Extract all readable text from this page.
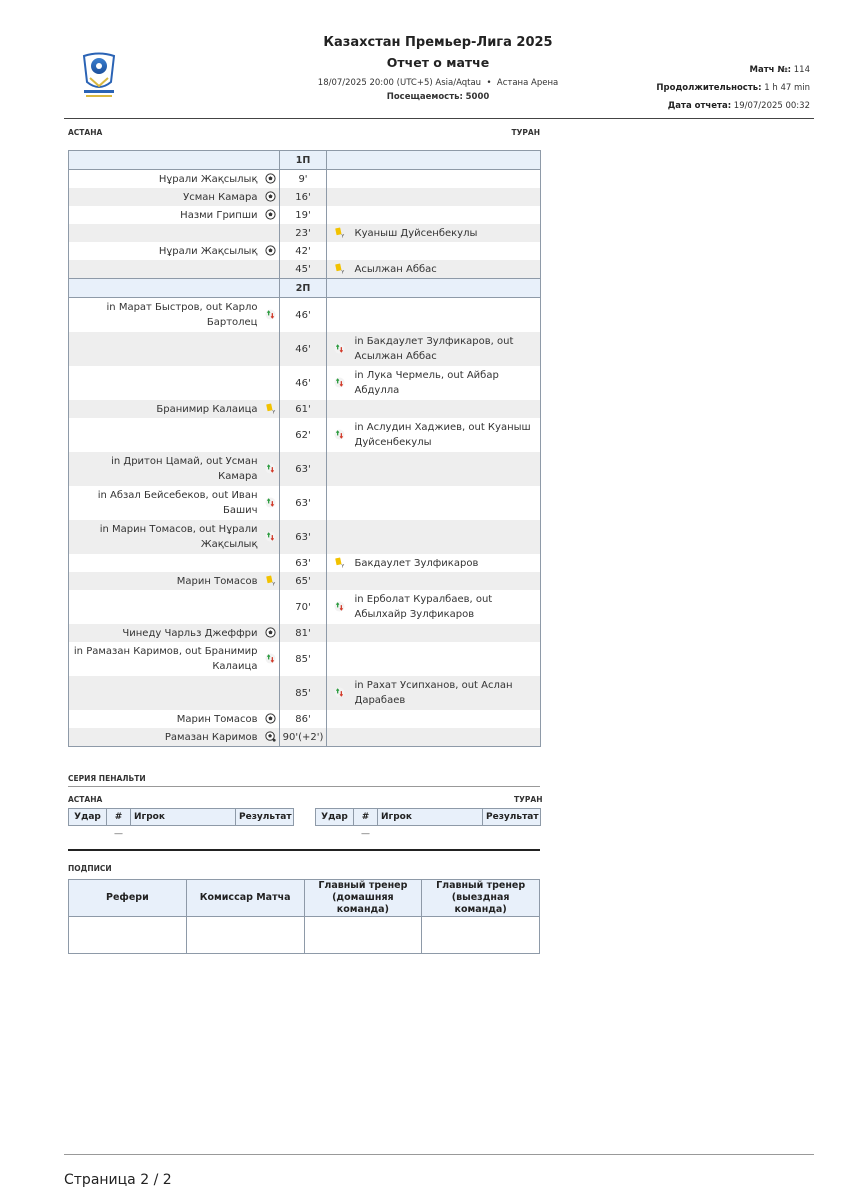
Казахстан Премьер-Лига 2025
Отчет о матче
18/07/2025 20:00 (UTC+5) Asia/Aqtau • Астана Арена
Посещаемость: 5000
Матч №: 114
Продолжительность: 1 h 47 min
Дата отчета: 19/07/2025 00:32
АСТАНА	ТУРАН
		1П		
Нұрали Жақсылық		9'		
Усман Камара		16'		
Назми Грипши		19'		
		23'	Y	Куаныш Дуйсенбекулы
Нұрали Жақсылық		42'		
		45'	Y	Асылжан Аббас
		2П		
in Марат Быстров, out Карло Бартолец		46'		
		46'		in Бакдаулет Зулфикаров, out Асылжан Аббас
		46'		in Лука Чермель, out Айбар Абдулла
Бранимир Калаица	Y	61'		
		62'		in Аслудин Хаджиев, out Куаныш Дуйсенбекулы
in Дритон Цамай, out Усман Камара		63'		
in Абзал Бейсебеков, out Иван Башич		63'		
in Марин Томасов, out Нұрали Жақсылық		63'		
		63'	Y	Бакдаулет Зулфикаров
Марин Томасов	Y	65'		
		70'		in Ерболат Куралбаев, out Абылхайр Зулфикаров
Чинеду Чарльз Джеффри		81'		
in Рамазан Каримов, out Бранимир Калаица		85'		
		85'		in Рахат Усипханов, out Аслан Дарабаев
Марин Томасов		86'		
Рамазан Каримов		90'(+2')		
СЕРИЯ ПЕНАЛЬТИ
АСТАНА	ТУРАН
Удар	#	Игрок	Результат
	—		
Удар	#	Игрок	Результат
	—		
ПОДПИСИ
Рефери	Комиссар Матча	Главный тренер (домашняя команда)	Главный тренер (выездная команда)

Страница 2 / 2
